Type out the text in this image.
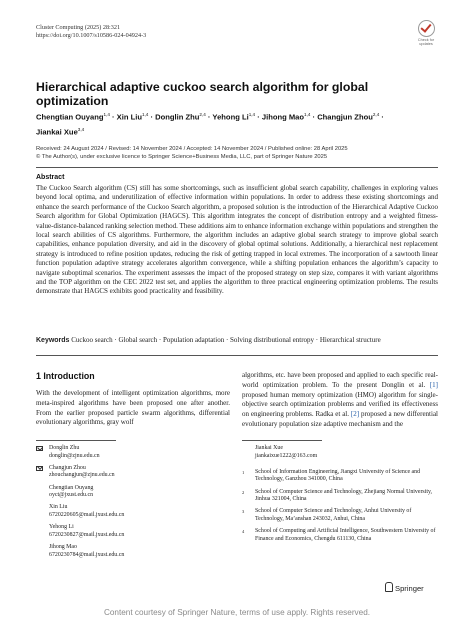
Cluster Computing (2025) 28:321
https://doi.org/10.1007/s10586-024-04924-3
Check for
updates
Hierarchical adaptive cuckoo search algorithm for global optimization
Chengtian Ouyang$^{1,4}$ · Xin Liu$^{1,4}$ · Donglin Zhu$^{2,4}$ · Yehong Li$^{1,4}$ · Jihong Mao$^{1,4}$ · Changjun Zhou$^{2,4}$ ·
Jiankai Xue$^{3,4}$
Received: 24 August 2024 / Revised: 14 November 2024 / Accepted: 14 November 2024 / Published online: 28 April 2025
© The Author(s), under exclusive licence to Springer Science+Business Media, LLC, part of Springer Nature 2025
Abstract
The Cuckoo Search algorithm (CS) still has some shortcomings, such as insufficient global search capability, challenges in exploring values beyond local optima, and underutilization of effective information within populations. In order to address these existing shortcomings and enhance the search performance of the Cuckoo Search algorithm, a proposed solution is the introduction of the Hierarchical Adaptive Cuckoo Search algorithm for Global Optimization (HAGCS). This algorithm integrates the concept of distribution entropy and a weighted fitness-value-distance-balanced ranking selection method. These additions aim to enhance information exchange within populations and strengthen the local search abilities of CS algorithms. Furthermore, the algorithm includes an adaptive global search strategy to improve global search capabilities, enhance population diversity, and aid in the discovery of global optimal solutions. Additionally, a hierarchical nest replacement strategy is introduced to refine position updates, reducing the risk of getting trapped in local extremes. The incorporation of a sawtooth linear function population adaptive strategy accelerates algorithm convergence, while a shifting population enhances the algorithm’s capacity to navigate suboptimal scenarios. The experiment assesses the impact of the proposed strategy on step size, compares it with variant algorithms and the TOP algorithm on the CEC 2022 test set, and applies the algorithm to three practical engineering optimization problems. The results demonstrate that HAGCS exhibits good practicality and feasibility.
Keywords Cuckoo search · Global search · Population adaptation · Solving distributional entropy · Hierarchical structure
1 Introduction
With the development of intelligent optimization algorithms, more meta-inspired algorithms have been proposed one after another. From the earlier proposed particle swarm algorithms, differential evolutionary algorithms, gray wolf
algorithms, etc. have been proposed and applied to each specific real-world optimization problem. To the present Donglin et al. [1] proposed human memory optimization (HMO) algorithm for single-objective search optimization problems and verified its effectiveness on engineering problems. Radka et al. [2] proposed a new differential evolutionary population size adaptive mechanism and the
Donglin Zhu
donglin@zjnu.edu.cn
Changjun Zhou
zhouchangjun@zjnu.edu.cn
Chengtian Ouyang
oyct@jxust.edu.cn
Xin Liu
6720220605@mail.jxust.edu.cn
Yehong Li
6720230827@mail.jxust.edu.cn
Jihong Mao
6720230784@mail.jxust.edu.cn
Jiankai Xue
jiankaixue1222@163.com
1 School of Information Engineering, Jiangxi University of Science and Technology, Ganzhou 341000, China
2 School of Computer Science and Technology, Zhejiang Normal University, Jinhua 321004, China
3 School of Computer Science and Technology, Anhui University of Technology, Ma’anshan 243032, Anhui, China
4 School of Computing and Artificial Intelligence, Southwestern University of Finance and Economics, Chengdu 611130, China
Springer
Content courtesy of Springer Nature, terms of use apply. Rights reserved.
